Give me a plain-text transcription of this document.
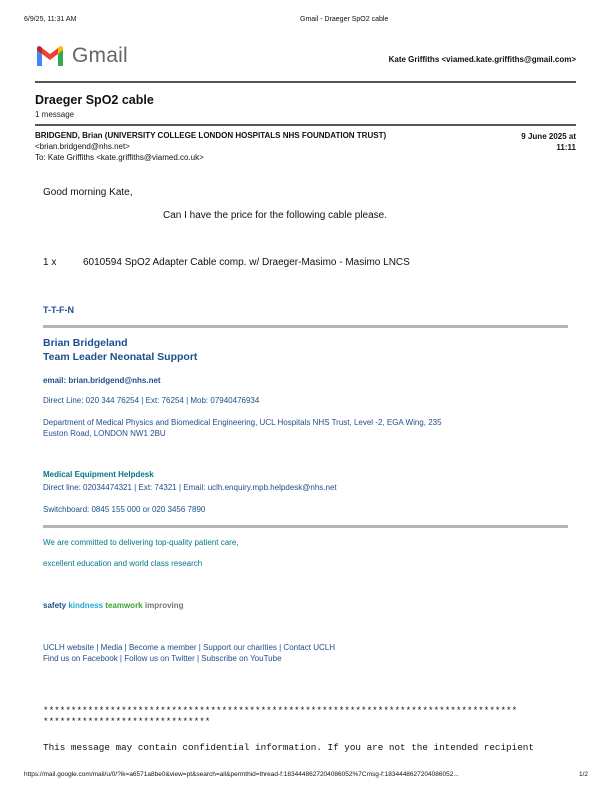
6/9/25, 11:31 AM	Gmail - Draeger SpO2 cable
Gmail	Kate Griffiths <viamed.kate.griffiths@gmail.com>
Draeger SpO2 cable
1 message
BRIDGEND, Brian (UNIVERSITY COLLEGE LONDON HOSPITALS NHS FOUNDATION TRUST)	9 June 2025 at
11:11
<brian.bridgend@nhs.net>
To: Kate Griffiths <kate.griffiths@viamed.co.uk>
Good morning Kate,
Can I have the price for the following cable please.
1 x	6010594 SpO2 Adapter Cable comp. w/ Draeger-Masimo - Masimo LNCS
T-T-F-N
Brian Bridgeland
Team Leader Neonatal Support
email: brian.bridgend@nhs.net
Direct Line: 020 344 76254 | Ext: 76254 | Mob: 07940476934
Department of Medical Physics and Biomedical Engineering, UCL Hospitals NHS Trust, Level -2, EGA Wing, 235
Euston Road, LONDON NW1 2BU
Medical Equipment Helpdesk
Direct line: 02034474321 | Ext: 74321 | Email: uclh.enquiry.mpb.helpdesk@nhs.net
Switchboard: 0845 155 000 or 020 3456 7890
We are committed to delivering top-quality patient care,
excellent education and world class research
safety kindness teamwork improving
UCLH website | Media | Become a member | Support our charities | Contact UCLH
Find us on Facebook | Follow us on Twitter | Subscribe on YouTube
*************************************************************************************
******************************
This message may contain confidential information. If you are not the intended recipient
https://mail.google.com/mail/u/0/?ik=a6571a8be0&view=pt&search=all&permthid=thread-f:1834448627204086052%7Cmsg-f:1834448627204086052...	1/2
